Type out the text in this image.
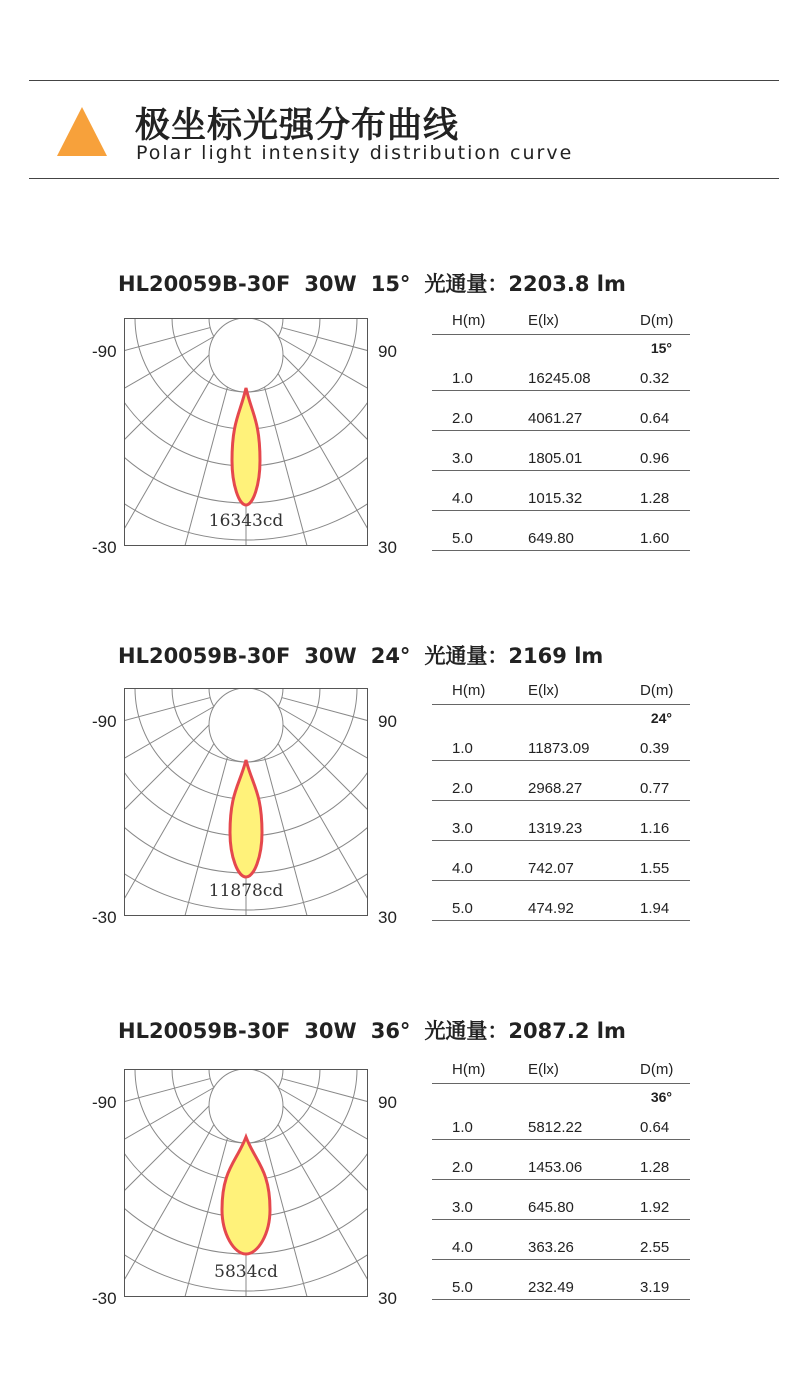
极坐标光强分布曲线
Polar light intensity distribution curve
HL20059B-30F 30W 15° 光通量：2203.8 lm
16343cd
-90	90
-30	30
H(m)	E(lx)	D(m)
15°
1.0	16245.08	0.32
2.0	4061.27	0.64
3.0	1805.01	0.96
4.0	1015.32	1.28
5.0	649.80	1.60
HL20059B-30F 30W 24° 光通量：2169 lm
11878cd
-90	90
-30	30
H(m)	E(lx)	D(m)
24°
1.0	11873.09	0.39
2.0	2968.27	0.77
3.0	1319.23	1.16
4.0	742.07	1.55
5.0	474.92	1.94
HL20059B-30F 30W 36° 光通量：2087.2 lm
5834cd
-90	90
-30	30
H(m)	E(lx)	D(m)
36°
1.0	5812.22	0.64
2.0	1453.06	1.28
3.0	645.80	1.92
4.0	363.26	2.55
5.0	232.49	3.19
